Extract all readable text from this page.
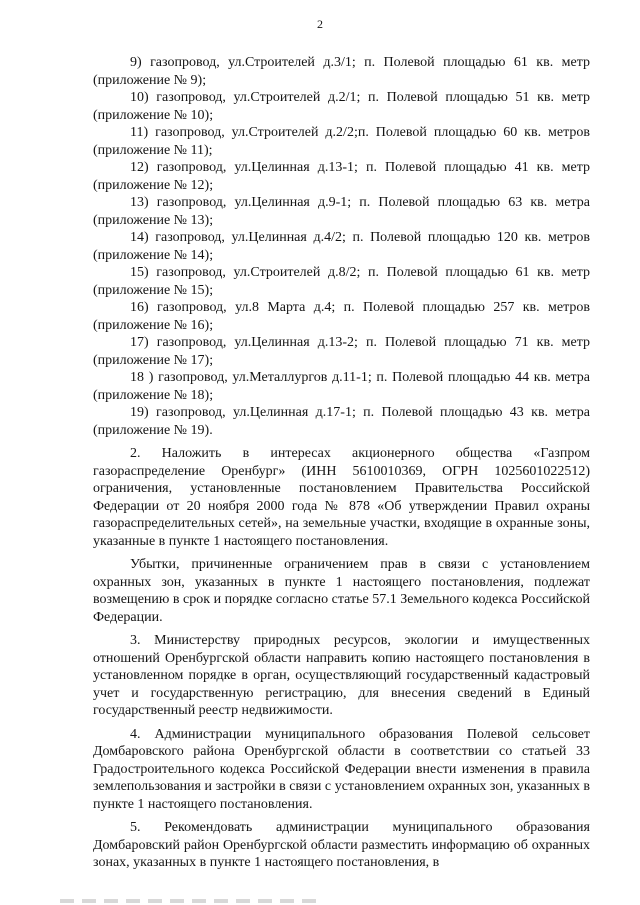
2

9) газопровод, ул.Строителей д.3/1; п. Полевой площадью 61 кв. метр (приложение № 9);

10) газопровод, ул.Строителей д.2/1; п. Полевой площадью 51 кв. метр (приложение № 10);

11) газопровод, ул.Строителей д.2/2;п. Полевой площадью 60 кв. метров (приложение № 11);

12) газопровод, ул.Целинная д.13-1; п. Полевой площадью 41 кв. метр (приложение № 12);

13) газопровод, ул.Целинная д.9-1; п. Полевой площадью 63 кв. метра (приложение № 13);

14) газопровод, ул.Целинная д.4/2; п. Полевой площадью 120 кв. метров (приложение № 14);

15) газопровод, ул.Строителей д.8/2; п. Полевой площадью 61 кв. метр (приложение № 15);

16) газопровод, ул.8 Марта д.4; п. Полевой площадью 257 кв. метров (приложение № 16);

17) газопровод, ул.Целинная д.13-2; п. Полевой площадью 71 кв. метр (приложение № 17);

18 ) газопровод, ул.Металлургов д.11-1; п. Полевой площадью 44 кв. метра (приложение № 18);

19) газопровод, ул.Целинная д.17-1; п. Полевой площадью 43 кв. метра (приложение № 19).

2. Наложить в интересах акционерного общества «Газпром газораспределение Оренбург» (ИНН 5610010369, ОГРН 1025601022512) ограничения, установленные постановлением Правительства Российской Федерации от 20 ноября 2000 года № 878 «Об утверждении Правил охраны газораспределительных сетей», на земельные участки, входящие в охранные зоны, указанные в пункте 1 настоящего постановления.

Убытки, причиненные ограничением прав в связи с установлением охранных зон, указанных в пункте 1 настоящего постановления, подлежат возмещению в срок и порядке согласно статье 57.1 Земельного кодекса Российской Федерации.

3. Министерству природных ресурсов, экологии и имущественных отношений Оренбургской области направить копию настоящего постановления в установленном порядке в орган, осуществляющий государственный кадастровый учет и государственную регистрацию, для внесения сведений в Единый государственный реестр недвижимости.

4. Администрации муниципального образования Полевой сельсовет Домбаровского района Оренбургской области в соответствии со статьей 33 Градостроительного кодекса Российской Федерации внести изменения в правила землепользования и застройки в связи с установлением охранных зон, указанных в пункте 1 настоящего постановления.

5. Рекомендовать администрации муниципального образования Домбаровский район Оренбургской области разместить информацию об охранных зонах, указанных в пункте 1 настоящего постановления, в
